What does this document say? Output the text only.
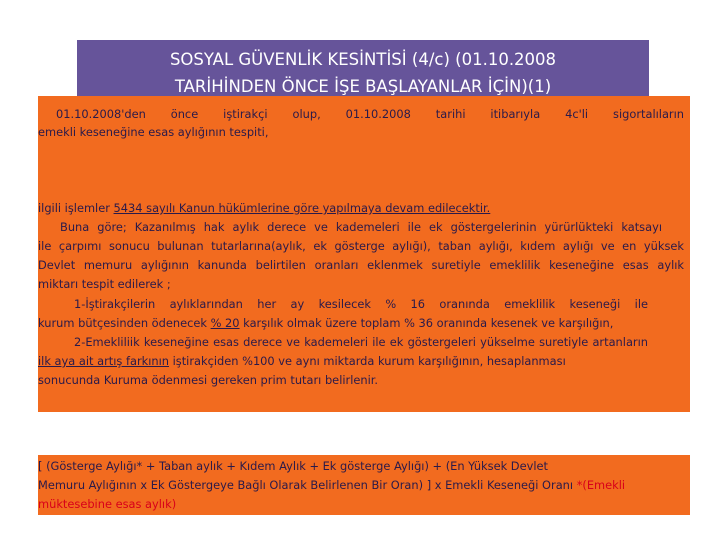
SOSYAL GÜVENLİK KESİNTİSİ (4/c) (01.10.2008
TARİHİNDEN ÖNCE İŞE BAŞLAYANLAR İÇİN)(1)
01.10.2008'den önce iştirakçi olup, 01.10.2008 tarihi itibarıyla 4c'li sigortalıların
emekli keseneğine esas aylığının tespiti,
ilgili işlemler 5434 sayılı Kanun hükümlerine göre yapılmaya devam edilecektir.
Buna göre; Kazanılmış hak aylık derece ve kademeleri ile ek göstergelerinin yürürlükteki katsayı
ile çarpımı sonucu bulunan tutarlarına(aylık, ek gösterge aylığı), taban aylığı, kıdem aylığı ve en yüksek
Devlet memuru aylığının kanunda belirtilen oranları eklenmek suretiyle emeklilik keseneğine esas aylık
miktarı tespit edilerek ;
1-İştirakçilerin aylıklarından her ay kesilecek % 16 oranında emeklilik keseneği ile
kurum bütçesinden ödenecek % 20 karşılık olmak üzere toplam % 36 oranında kesenek ve karşılığın,
2-Emekliliik keseneğine esas derece ve kademeleri ile ek göstergeleri yükselme suretiyle artanların
ilk aya ait artış farkının iştirakçiden %100 ve aynı miktarda kurum karşılığının, hesaplanması
sonucunda Kuruma ödenmesi gereken prim tutarı belirlenir.
[ (Gösterge Aylığı* + Taban aylık + Kıdem Aylık + Ek gösterge Aylığı) + (En Yüksek Devlet
Memuru Aylığının x Ek Göstergeye Bağlı Olarak Belirlenen Bir Oran) ] x Emekli Keseneği Oranı *(Emekli
müktesebine esas aylık)
